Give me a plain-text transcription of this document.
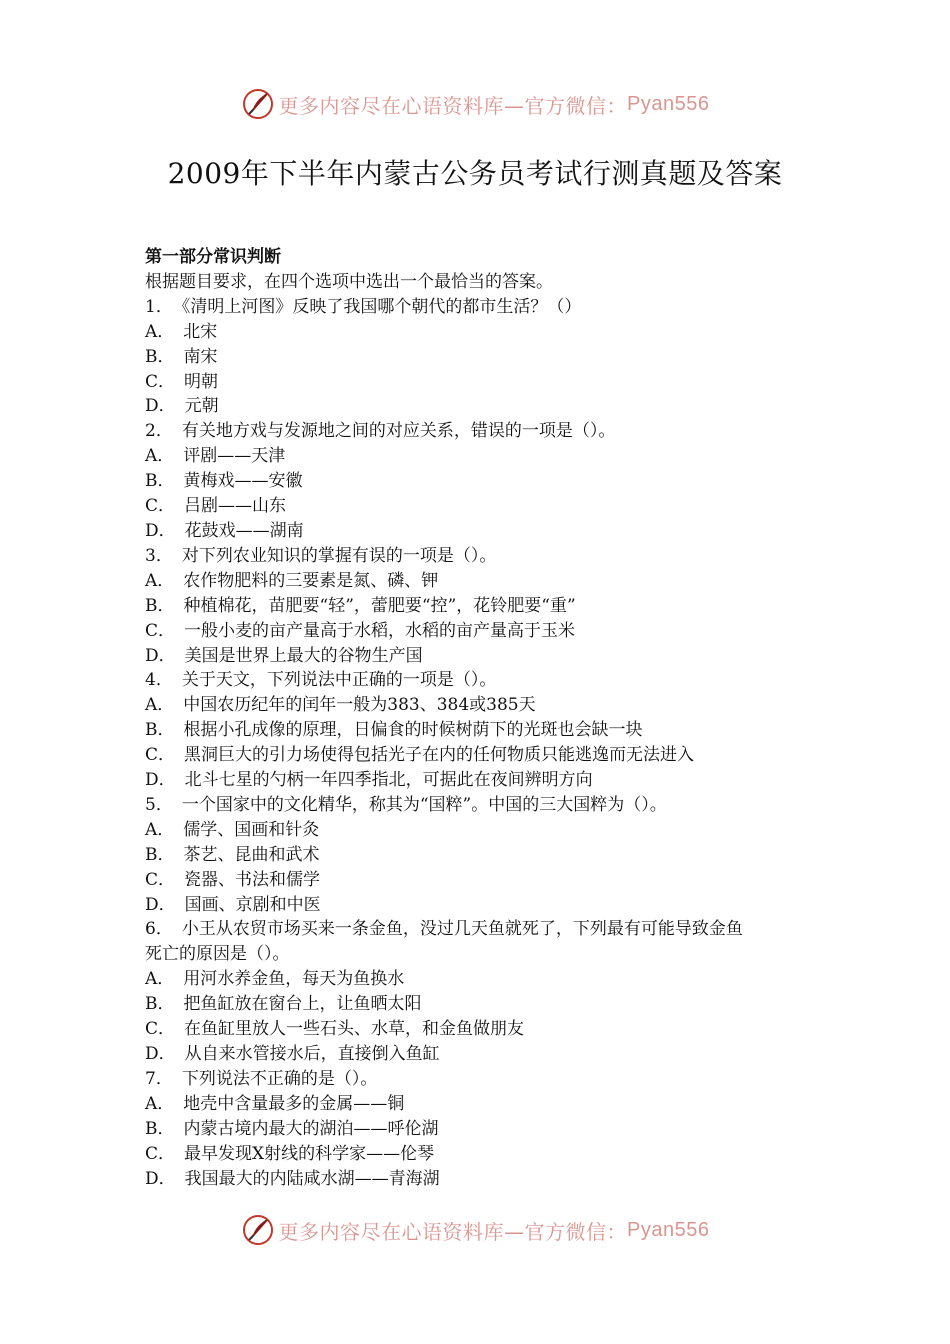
更多内容尽在心语资料库—官方微信： Pyan556
2009年下半年内蒙古公务员考试行测真题及答案
第一部分常识判断
根据题目要求，在四个选项中选出一个最恰当的答案。
1． 《清明上河图》反映了我国哪个朝代的都市生活？（）
A． 北宋
B． 南宋
C． 明朝
D． 元朝
2． 有关地方戏与发源地之间的对应关系，错误的一项是（）。
A． 评剧——天津
B． 黄梅戏——安徽
C． 吕剧——山东
D． 花鼓戏——湖南
3． 对下列农业知识的掌握有误的一项是（）。
A． 农作物肥料的三要素是氮、磷、钾
B． 种植棉花，苗肥要“轻”，蕾肥要“控”，花铃肥要“重”
C． 一般小麦的亩产量高于水稻，水稻的亩产量高于玉米
D． 美国是世界上最大的谷物生产国
4． 关于天文，下列说法中正确的一项是（）。
A． 中国农历纪年的闰年一般为383、384或385天
B． 根据小孔成像的原理，日偏食的时候树荫下的光斑也会缺一块
C． 黑洞巨大的引力场使得包括光子在内的任何物质只能逃逸而无法进入
D． 北斗七星的勺柄一年四季指北，可据此在夜间辨明方向
5． 一个国家中的文化精华，称其为“国粹”。中国的三大国粹为（）。
A． 儒学、国画和针灸
B． 茶艺、昆曲和武术
C． 瓷器、书法和儒学
D． 国画、京剧和中医
6． 小王从农贸市场买来一条金鱼，没过几天鱼就死了，下列最有可能导致金鱼
死亡的原因是（）。
A． 用河水养金鱼，每天为鱼换水
B． 把鱼缸放在窗台上，让鱼晒太阳
C． 在鱼缸里放人一些石头、水草，和金鱼做朋友
D． 从自来水管接水后，直接倒入鱼缸
7． 下列说法不正确的是（）。
A． 地壳中含量最多的金属——铜
B． 内蒙古境内最大的湖泊——呼伦湖
C． 最早发现X射线的科学家——伦琴
D． 我国最大的内陆咸水湖——青海湖
更多内容尽在心语资料库—官方微信： Pyan556
